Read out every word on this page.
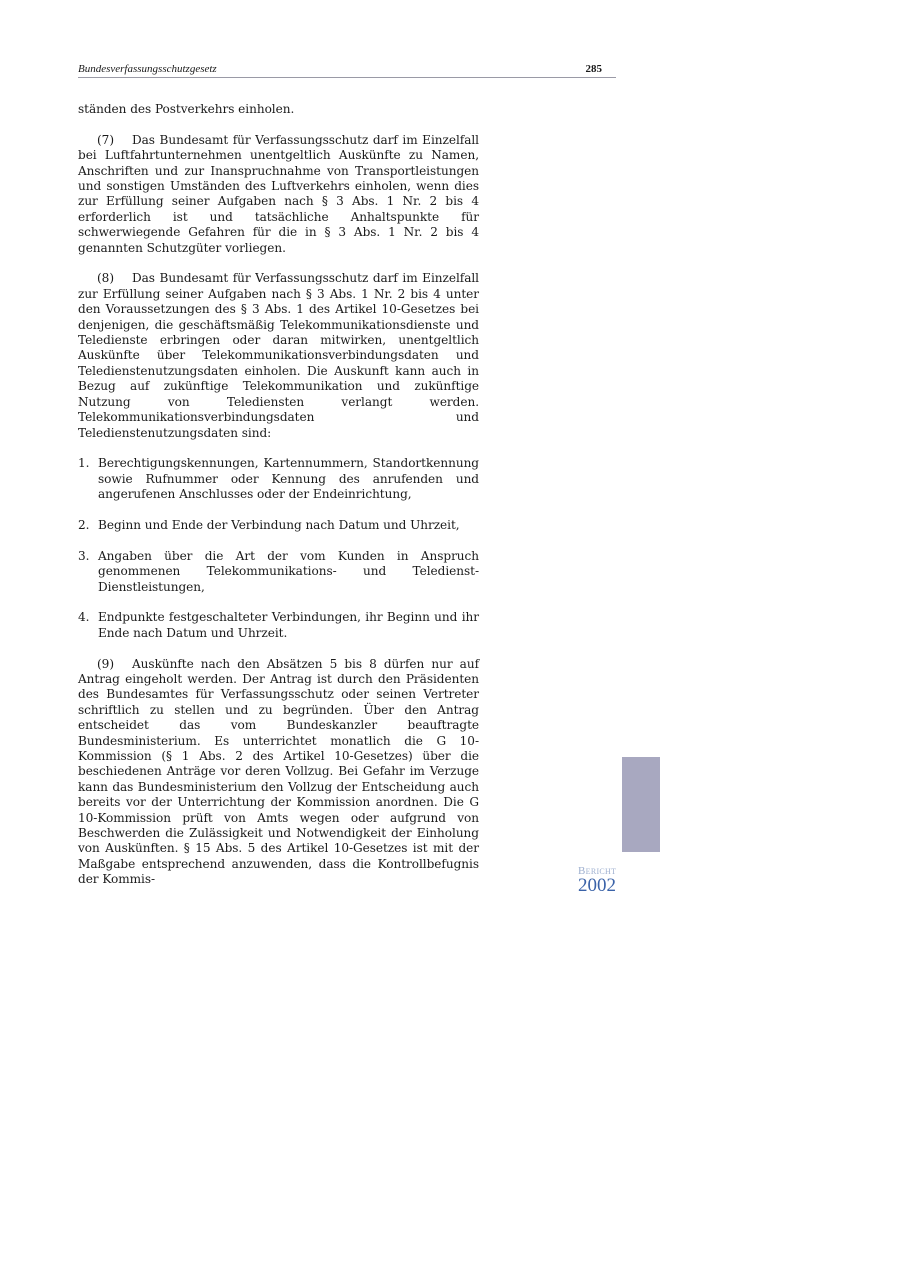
Bundesverfassungsschutzgesetz	285

ständen des Postverkehrs einholen.

(7) Das Bundesamt für Verfassungsschutz darf im Einzelfall bei Luftfahrtunternehmen unentgeltlich Auskünfte zu Namen, Anschriften und zur Inanspruchnahme von Transportleistungen und sonstigen Umständen des Luftverkehrs einholen, wenn dies zur Erfüllung seiner Aufgaben nach § 3 Abs. 1 Nr. 2 bis 4 erforderlich ist und tatsächliche Anhaltspunkte für schwerwiegende Gefahren für die in § 3 Abs. 1 Nr. 2 bis 4 genannten Schutzgüter vorliegen.

(8) Das Bundesamt für Verfassungsschutz darf im Einzelfall zur Erfüllung seiner Aufgaben nach § 3 Abs. 1 Nr. 2 bis 4 unter den Voraussetzungen des § 3 Abs. 1 des Artikel 10-Gesetzes bei denjenigen, die geschäftsmäßig Telekommunikationsdienste und Teledienste erbringen oder daran mitwirken, unentgeltlich Auskünfte über Telekommunikationsverbindungsdaten und Teledienstenutzungsdaten einholen. Die Auskunft kann auch in Bezug auf zukünftige Telekommunikation und zukünftige Nutzung von Telediensten verlangt werden. Telekommunikationsverbindungsdaten und Teledienstenutzungsdaten sind:

1. Berechtigungskennungen, Kartennummern, Standortkennung sowie Rufnummer oder Kennung des anrufenden und angerufenen Anschlusses oder der Endeinrichtung,

2. Beginn und Ende der Verbindung nach Datum und Uhrzeit,

3. Angaben über die Art der vom Kunden in Anspruch genommenen Telekommunikations- und Teledienst-Dienstleistungen,

4. Endpunkte festgeschalteter Verbindungen, ihr Beginn und ihr Ende nach Datum und Uhrzeit.

(9) Auskünfte nach den Absätzen 5 bis 8 dürfen nur auf Antrag eingeholt werden. Der Antrag ist durch den Präsidenten des Bundesamtes für Verfassungsschutz oder seinen Vertreter schriftlich zu stellen und zu begründen. Über den Antrag entscheidet das vom Bundeskanzler beauftragte Bundesministerium. Es unterrichtet monatlich die G 10-Kommission (§ 1 Abs. 2 des Artikel 10-Gesetzes) über die beschiedenen Anträge vor deren Vollzug. Bei Gefahr im Verzuge kann das Bundesministerium den Vollzug der Entscheidung auch bereits vor der Unterrichtung der Kommission anordnen. Die G 10-Kommission prüft von Amts wegen oder aufgrund von Beschwerden die Zulässigkeit und Notwendigkeit der Einholung von Auskünften. § 15 Abs. 5 des Artikel 10-Gesetzes ist mit der Maßgabe entsprechend anzuwenden, dass die Kontrollbefugnis der Kommis-

Bericht
2002
